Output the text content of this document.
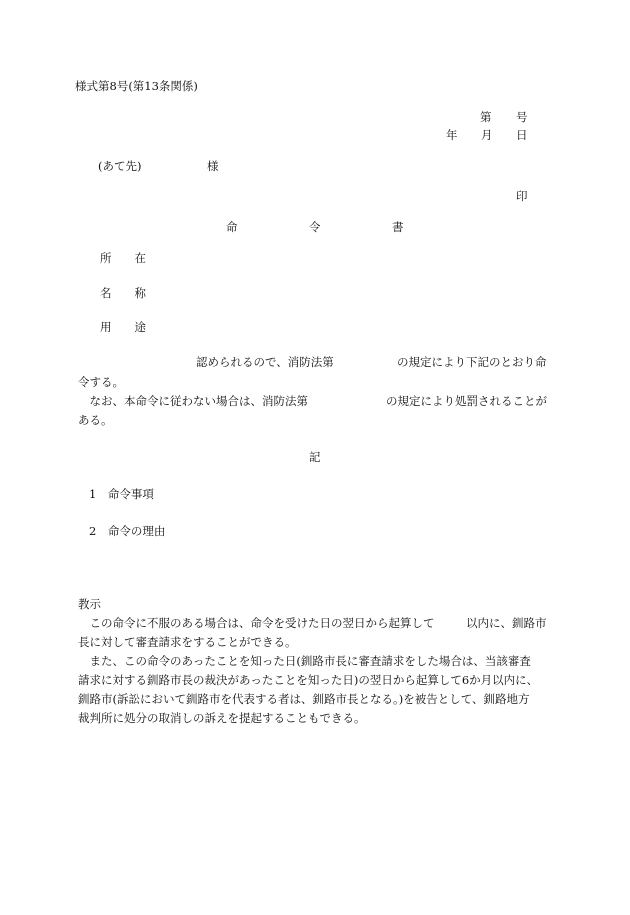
様式第8号(第13条関係)
第 号
年 月 日
(あて先)	様
印
命	令	書
所　　在
名　　称
用　　途
認められるので、消防法第	の規定により下記のとおり命
令する。
　なお、本命令に従わない場合は、消防法第	の規定により処罰されることが
ある。
記
1　命令事項
2　命令の理由
教示
　この命令に不服のある場合は、命令を受けた日の翌日から起算して	以内に、釧路市
長に対して審査請求をすることができる。
　また、この命令のあったことを知った日(釧路市長に審査請求をした場合は、当該審査
請求に対する釧路市長の裁決があったことを知った日)の翌日から起算して6か月以内に、
釧路市(訴訟において釧路市を代表する者は、釧路市長となる。)を被告として、釧路地方
裁判所に処分の取消しの訴えを提起することもできる。
